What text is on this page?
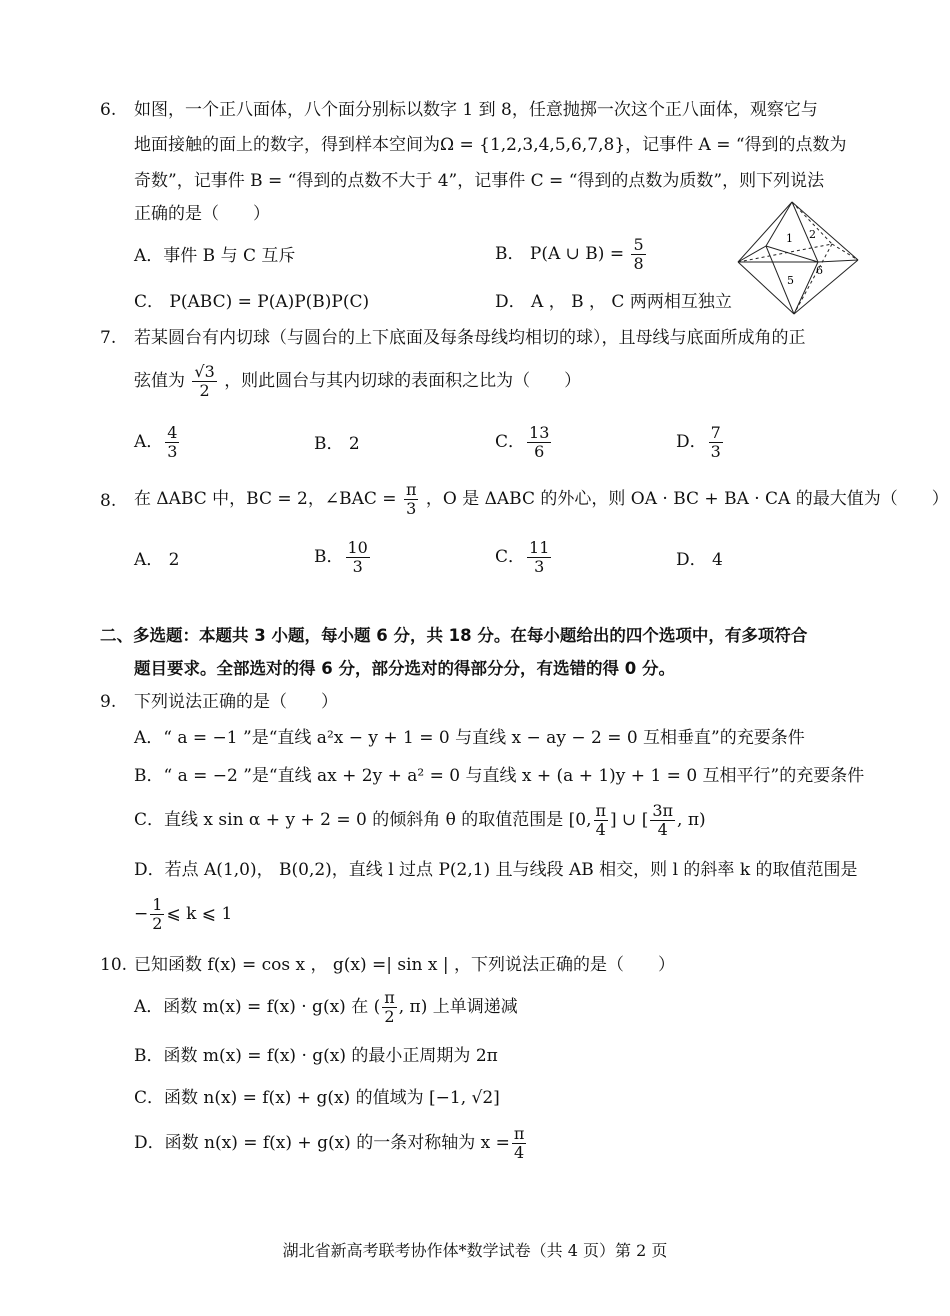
6. 如图，一个正八面体，八个面分别标以数字 1 到 8，任意抛掷一次这个正八面体，观察它与
地面接触的面上的数字，得到样本空间为Ω = {1,2,3,4,5,6,7,8}，记事件 A = “得到的点数为
奇数”，记事件 B = “得到的点数不大于 4”，记事件 C = “得到的点数为质数”，则下列说法
正确的是（　　）
A．事件 B 与 C 互斥	B． P(A ∪ $B) = \frac{5}{8}$
C． P(ABC) = P(A)P(B)P(C)	D． A ， B ， C 两两相互独立
1 2
5
6
7. 若某圆台有内切球（与圆台的上下底面及每条母线均相切的球），且母线与底面所成角的正
弦值为 $\frac{√3}{2}$ ，则此圆台与其内切球的表面积之比为（　　）
A． $\frac{4}{3}$	B． 2	C． $\frac{13}{6}$	D． $\frac{7}{3}$
8. 在 ΔABC 中，BC = 2，∠BAC = $\frac{\pi}{3}$ ，O 是 ΔABC 的外心，则 OA · BC + BA · CA 的最大值为（　　）
A． 2	B． $\frac{10}{3}$	C． $\frac{11}{3}$	D． 4
二、多选题：本题共 3 小题，每小题 6 分，共 18 分。在每小题给出的四个选项中，有多项符合
题目要求。全部选对的得 6 分，部分选对的得部分分，有选错的得 0 分。
9. 下列说法正确的是（　　）
A．“ a = −1 ”是“直线 a²x − y + 1 = 0 与直线 x − ay − 2 = 0 互相垂直”的充要条件
B．“ a = −2 ”是“直线 ax + 2y + a² = 0 与直线 x + (a + 1)y + 1 = 0 互相平行”的充要条件
C．直线 x sin α + y + 2 = 0 的倾斜角 θ 的取值范围是 [0, $\frac{\pi}{4}$ ] ∪ [ $\frac{3\pi}{4}$ , π)
D．若点 A(1,0)， B(0,2)，直线 l 过点 P(2,1) 且与线段 AB 相交，则 l 的斜率 k 的取值范围是
− $\frac{1}{2}$ ⩽ k ⩽ 1
10. 已知函数 f(x) = cos x ， g(x) =| sin x | ，下列说法正确的是（　　）
A．函数 m(x) = f(x) · g(x) 在 ( $\frac{\pi}{2}$ , π) 上单调递减
B．函数 m(x) = f(x) · g(x) 的最小正周期为 2π
C．函数 n(x) = f(x) + g(x) 的值域为 [−1, √2]
D．函数 n(x) = f(x) + g(x) 的一条对称轴为 $x = \frac{\pi}{4}$
湖北省新高考联考协作体*数学试卷（共 4 页）第 2 页
